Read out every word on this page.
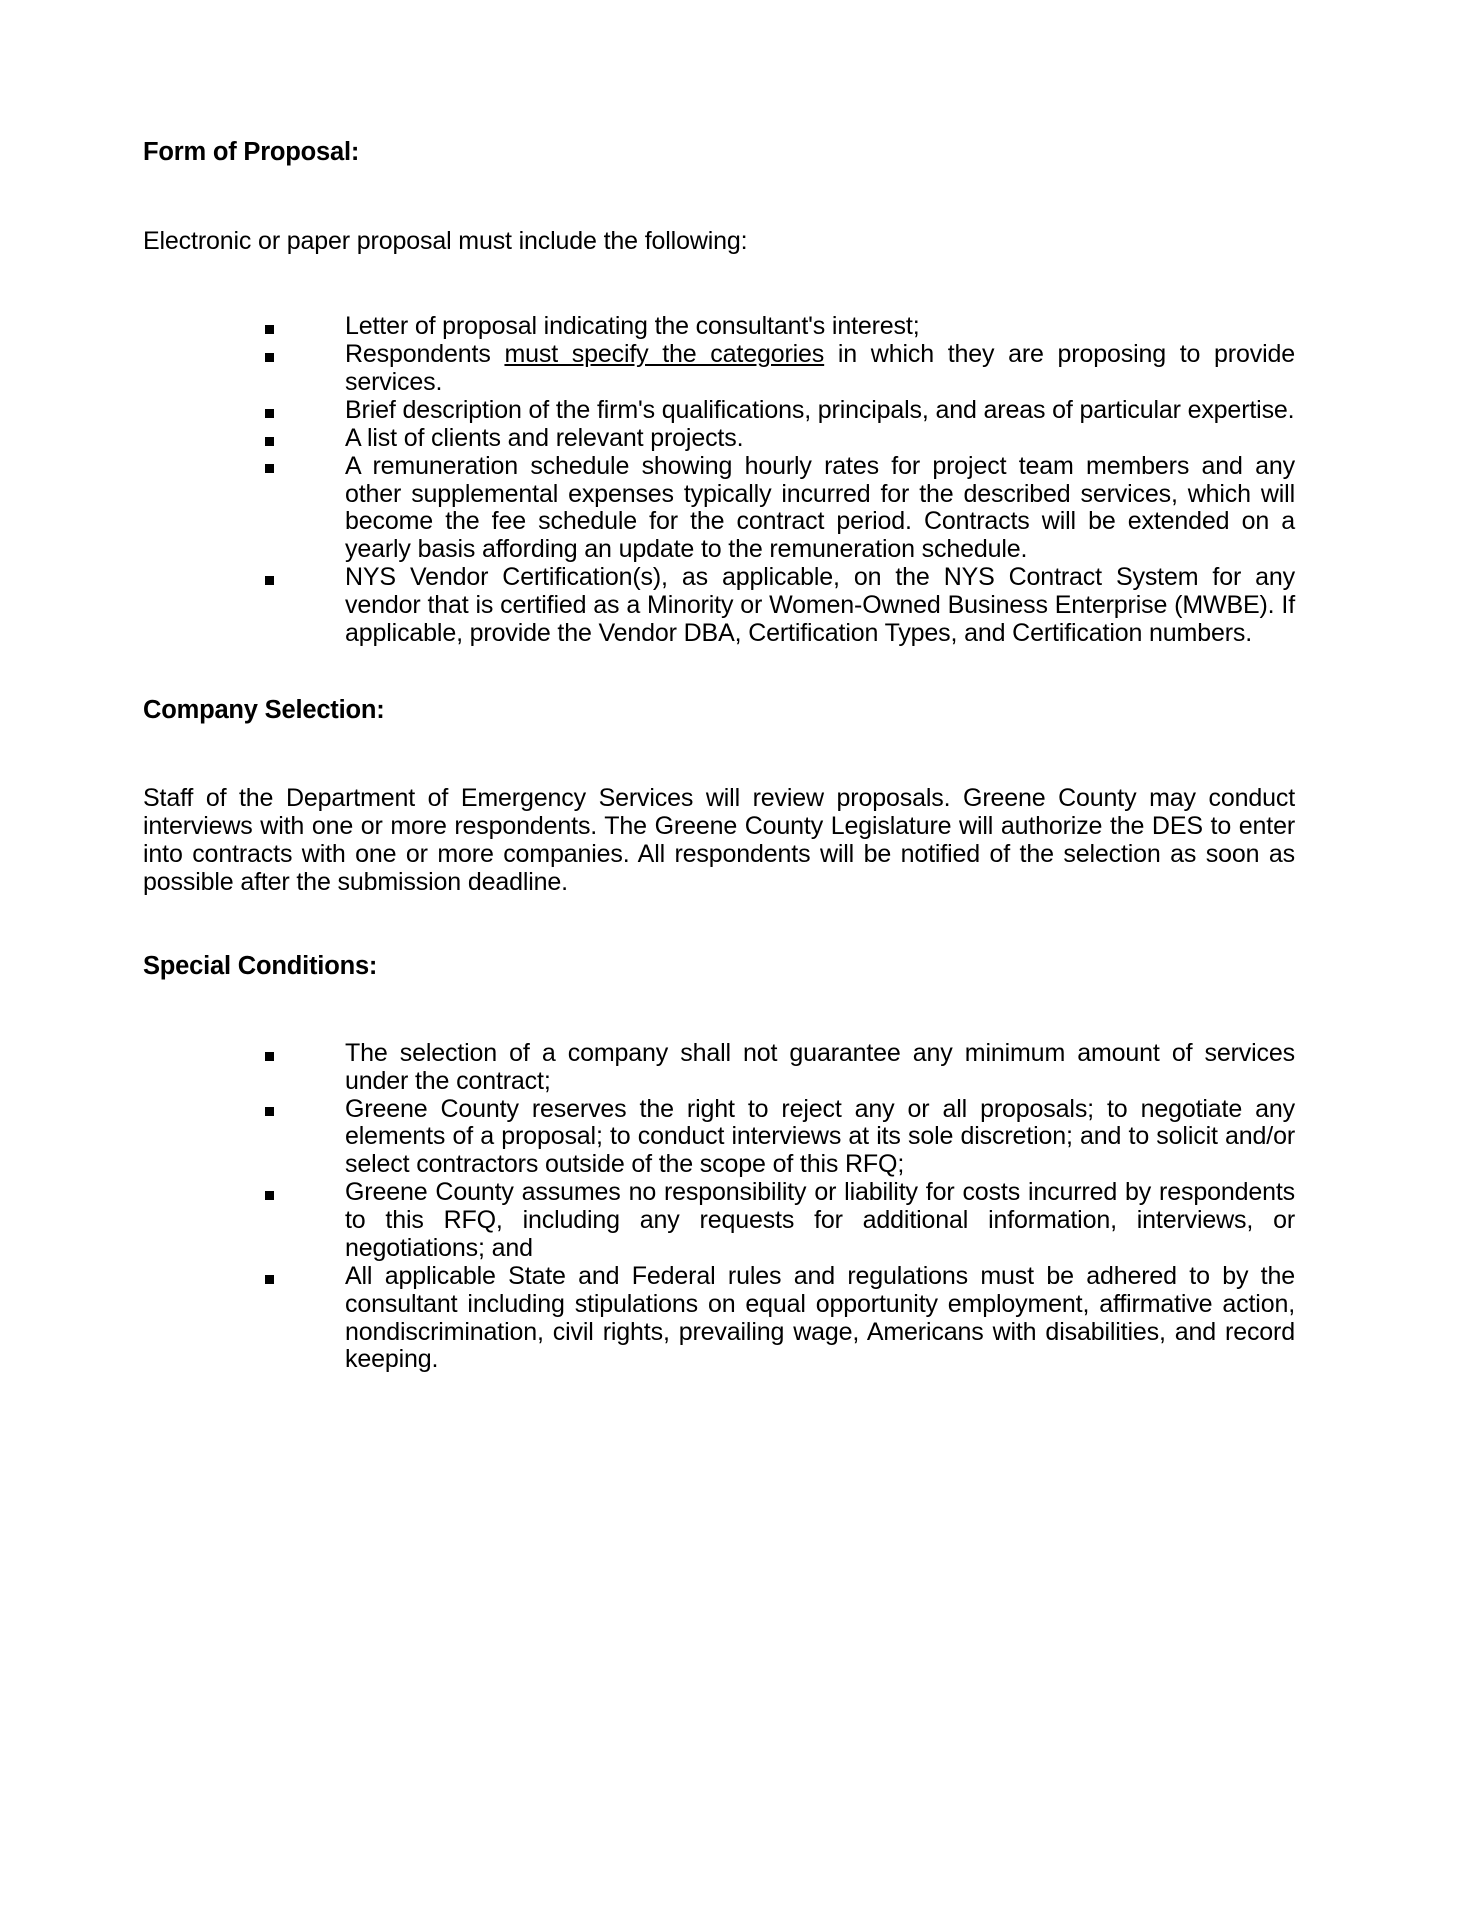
Form of Proposal:

Electronic or paper proposal must include the following:

Letter of proposal indicating the consultant's interest;
Respondents must specify the categories in which they are proposing to provide services.
Brief description of the firm's qualifications, principals, and areas of particular expertise.
A list of clients and relevant projects.
A remuneration schedule showing hourly rates for project team members and any other supplemental expenses typically incurred for the described services, which will become the fee schedule for the contract period. Contracts will be extended on a yearly basis affording an update to the remuneration schedule.
NYS Vendor Certification(s), as applicable, on the NYS Contract System for any vendor that is certified as a Minority or Women-Owned Business Enterprise (MWBE). If applicable, provide the Vendor DBA, Certification Types, and Certification numbers.
Company Selection:

Staff of the Department of Emergency Services will review proposals. Greene County may conduct interviews with one or more respondents. The Greene County Legislature will authorize the DES to enter into contracts with one or more companies. All respondents will be notified of the selection as soon as possible after the submission deadline.

Special Conditions:
The selection of a company shall not guarantee any minimum amount of services under the contract;
Greene County reserves the right to reject any or all proposals; to negotiate any elements of a proposal; to conduct interviews at its sole discretion; and to solicit and/or select contractors outside of the scope of this RFQ;
Greene County assumes no responsibility or liability for costs incurred by respondents to this RFQ, including any requests for additional information, interviews, or negotiations; and
All applicable State and Federal rules and regulations must be adhered to by the consultant including stipulations on equal opportunity employment, affirmative action, nondiscrimination, civil rights, prevailing wage, Americans with disabilities, and record keeping.
